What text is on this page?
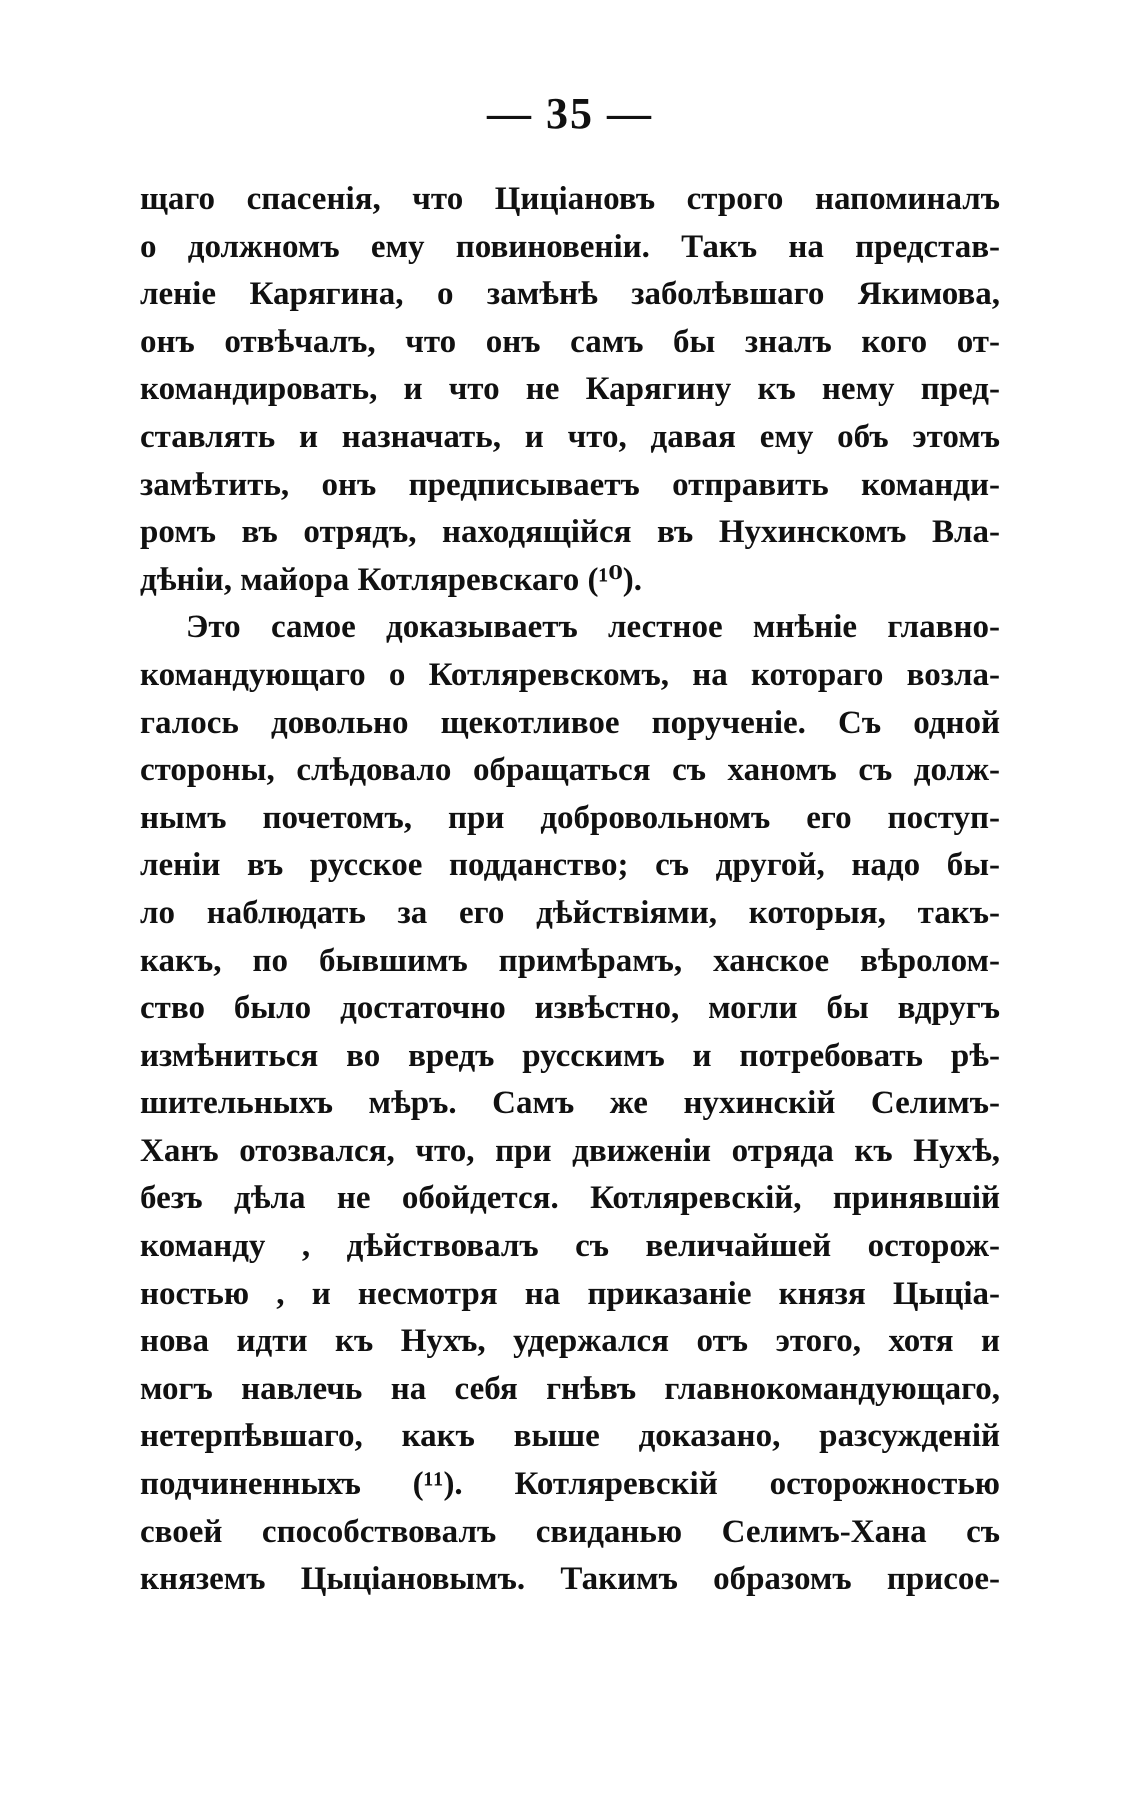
— 35 —
щаго спасенія, что Цицiановъ строго напоминалъ
о должномъ ему повиновеніи. Такъ на представ-
леніе Карягина, о замѣнѣ заболѣвшаго Якимова,
онъ отвѣчалъ, что онъ самъ бы зналъ кого от-
командировать, и что не Карягину къ нему пред-
ставлять и назначать, и что, давая ему объ этомъ
замѣтить, онъ предписываетъ отправить команди-
ромъ въ отрядъ, находящійся въ Нухинскомъ Вла-
дѣніи, майора Котляревскаго (¹⁰).
Это самое доказываетъ лестное мнѣніе главно-
командующаго о Котляревскомъ, на котораго возла-
галось довольно щекотливое порученіе. Съ одной
стороны, слѣдовало обращаться съ ханомъ съ долж-
нымъ почетомъ, при добровольномъ его поступ-
леніи въ русское подданство; съ другой, надо бы-
ло наблюдать за его дѣйствіями, которыя, такъ-
какъ, по бывшимъ примѣрамъ, ханское вѣролом-
ство было достаточно извѣстно, могли бы вдругъ
измѣниться во вредъ русскимъ и потребовать рѣ-
шительныхъ мѣръ. Самъ же нухинскій Селимъ-
Ханъ отозвался, что, при движеніи отряда къ Нухѣ,
безъ дѣла не обойдется. Котляревскій, принявшій
команду , дѣйствовалъ съ величайшей осторож-
ностью , и несмотря на приказаніе князя Цыціа-
нова идти къ Нухъ, удержался отъ этого, хотя и
могъ навлечь на себя гнѣвъ главнокомандующаго,
нетерпѣвшаго, какъ выше доказано, разсужденій
подчиненныхъ (¹¹). Котляревскій осторожностью
своей способствовалъ свиданью Селимъ-Хана съ
княземъ Цыціановымъ. Такимъ образомъ присое-
